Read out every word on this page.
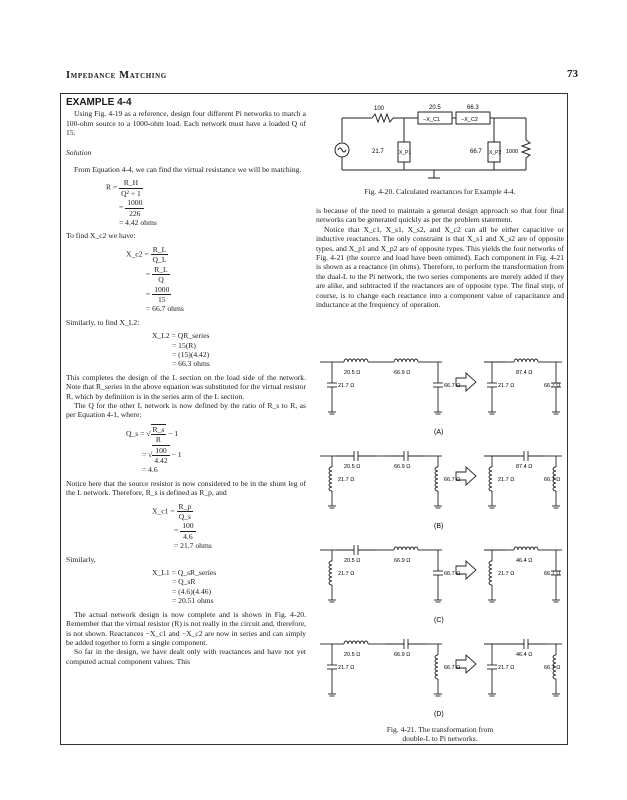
Impedance Matching	73
EXAMPLE 4-4

Using Fig. 4-19 as a reference, design four different Pi networks to match a 100-ohm source to a 1000-ohm load. Each network must have a loaded Q of 15.

Solution

From Equation 4-4, we can find the virtual resistance we will be matching.

$R = \frac{R\_H}{\text{Q² + 1}}$
= $\frac{1000}{226}$
= 4.42 ohms

To find X_c2 we have:

X_c2 = $\frac{R\_L}{Q\_L}$
= $\frac{R\_L}{Q}$
= $\frac{1000}{15}$
= 66.7 ohms

Similarly, to find X_L2:

X_L2 = QR_series
= 15(R)
= (15)(4.42)
= 66.3 ohms

This completes the design of the L section on the load side of the network. Note that R_series in the above equation was substituted for the virtual resistor R, which by definition is in the series arm of the L section.

The Q for the other L network is now defined by the ratio of R_s to R, as per Equation 4-1, where:

Q_s = √ $\frac{R\_s}{R} - 1$
= √ $\frac{100}{4.42} - 1$
= 4.6

Notice here that the source resistor is now considered to be in the shunt leg of the L network. Therefore, R_s is defined as R_p, and

X_c1 = $\frac{R\_p}{Q\_s}$
= $\frac{100}{4.6}$
= 21.7 ohms

Similarly,

X_L1 = Q_sR_series
= Q_sR
= (4.6)(4.46)
= 20.51 ohms

The actual network design is now complete and is shown in Fig. 4-20. Remember that the virtual resistor (R) is not really in the circuit and, therefore, is not shown. Reactances −X_c1 and −X_c2 are now in series and can simply be added together to form a single component.

So far in the design, we have dealt only with reactances and have not yet computed actual component values. This

20.5	66.3
100
−X_C1	−X_C2
21.7	X_P1	66.7 X_P2 1000
Fig. 4-20. Calculated reactances for Example 4-4.

is because of the need to maintain a general design approach so that four final networks can be generated quickly as per the problem statement.

Notice that X_c1, X_s1, X_s2, and X_c2 can all be either capacitive or inductive reactances. The only constraint is that X_s1 and X_s2 are of opposite types, and X_p1 and X_p2 are of opposite types. This yields the four networks of Fig. 4-21 (the source and load have been omitted). Each component in Fig. 4-21 is shown as a reactance (in ohms). Therefore, to perform the transformation from the dual-L to the Pi network, the two series components are merely added if they are alike, and subtracted if the reactances are of opposite type. The final step, of course, is to change each reactance into a component value of capacitance and inductance at the frequency of operation.

20.5 Ω	66.9 Ω
21.7 Ω	66.7 Ω
87.4 Ω
21.7 Ω	66.7 Ω
(A)
20.5 Ω	66.9 Ω
21.7 Ω	66.7 Ω
87.4 Ω
21.7 Ω	66.7 Ω
(B)
20.5 Ω	66.9 Ω
21.7 Ω	66.7 Ω
46.4 Ω
21.7 Ω	66.7 Ω
(C)
20.5 Ω	66.9 Ω
21.7 Ω	66.7 Ω
46.4 Ω
21.7 Ω	66.7 Ω
(D)
Fig. 4-21. The transformation from
double-L to Pi networks.
